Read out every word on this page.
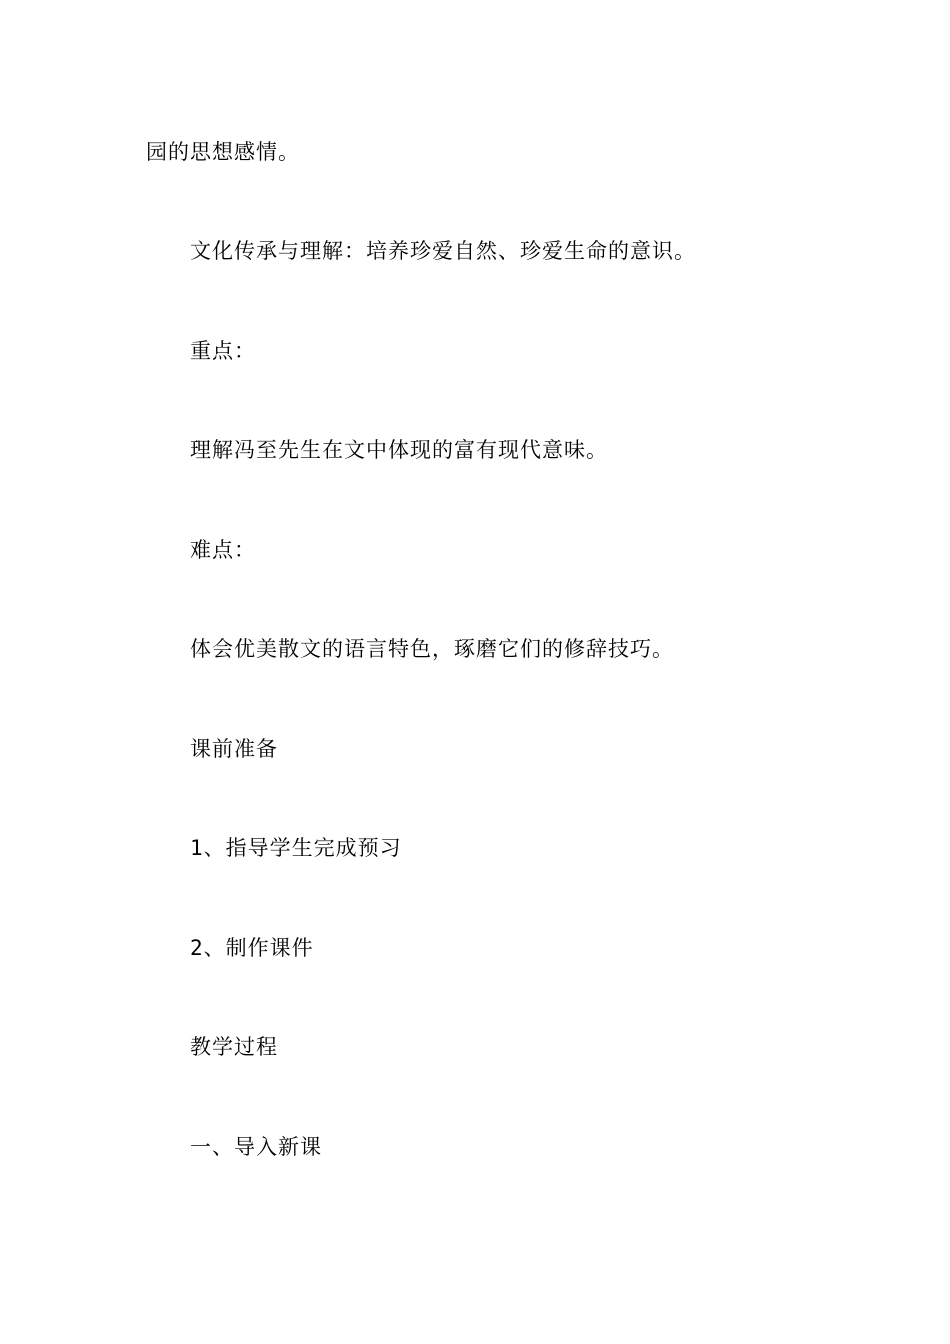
园的思想感情。
文化传承与理解：培养珍爱自然、珍爱生命的意识。
重点：
理解冯至先生在文中体现的富有现代意味。
难点：
体会优美散文的语言特色，琢磨它们的修辞技巧。
课前准备
1、指导学生完成预习
2、制作课件
教学过程
一、导入新课
